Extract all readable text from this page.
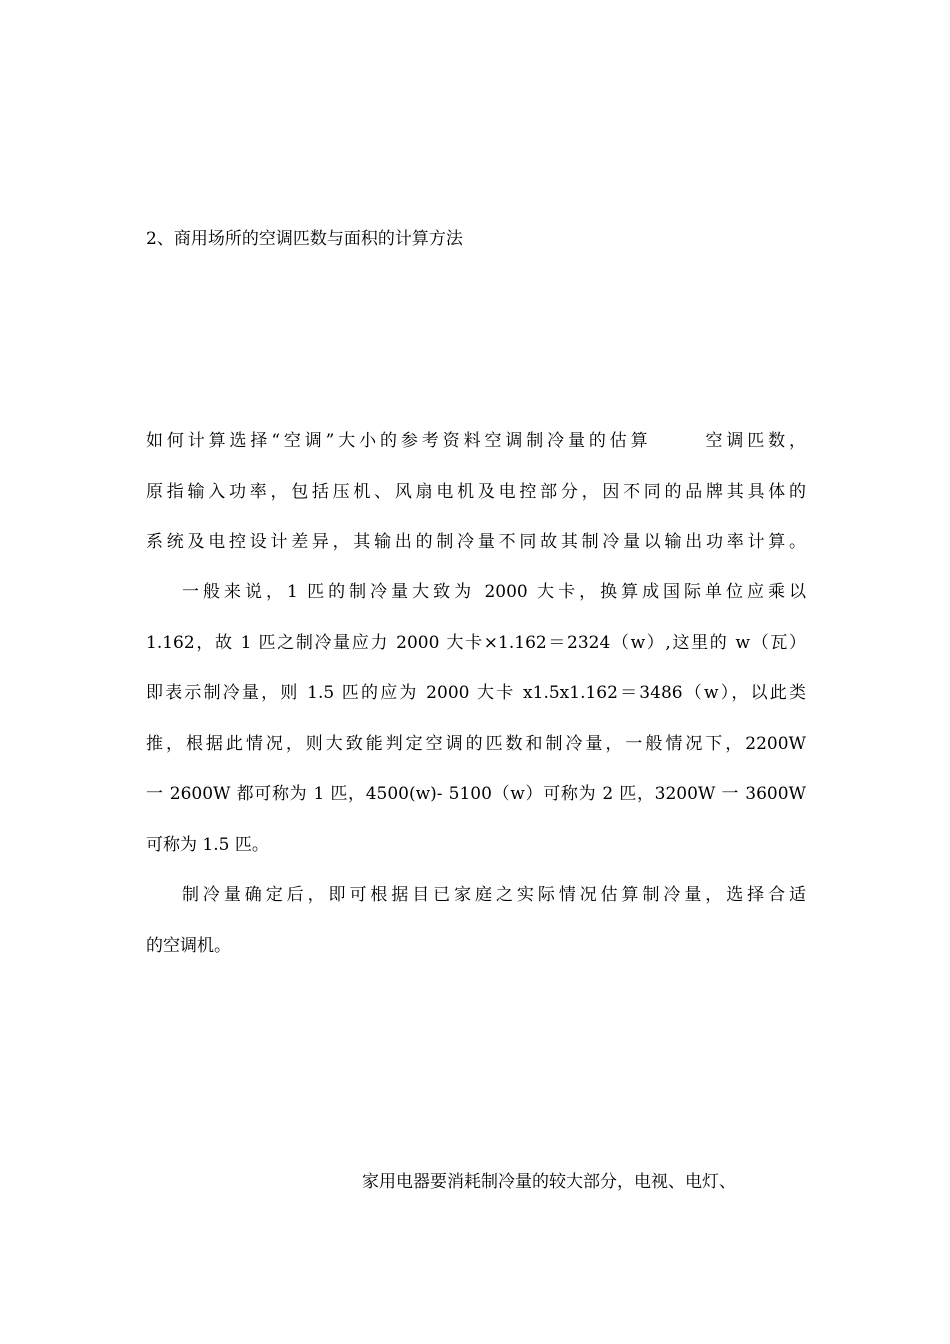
2、商用场所的空调匹数与面积的计算方法
如何计算选择“空调”大小的参考资料空调制冷量的估算	空调匹数，
原指输入功率，包括压机、风扇电机及电控部分，因不同的品牌其具体的
系统及电控设计差异，其输出的制冷量不同故其制冷量以输出功率计算。
一般来说，1 匹的制冷量大致为 2000 大卡，换算成国际单位应乘以
1.162，故 1 匹之制冷量应力 2000 大卡×1.162＝2324（w）,这里的 w（瓦）
即表示制冷量，则 1.5 匹的应为 2000 大卡 x1.5x1.162＝3486（w），以此类
推，根据此情况，则大致能判定空调的匹数和制冷量，一般情况下，2200W
一 2600W 都可称为 1 匹，4500(w)- 5100（w）可称为 2 匹，3200W 一 3600W
可称为 1.5 匹。
制冷量确定后，即可根据目已家庭之实际情况估算制冷量，选择合适
的空调机。
家用电器要消耗制冷量的较大部分，电视、电灯、
